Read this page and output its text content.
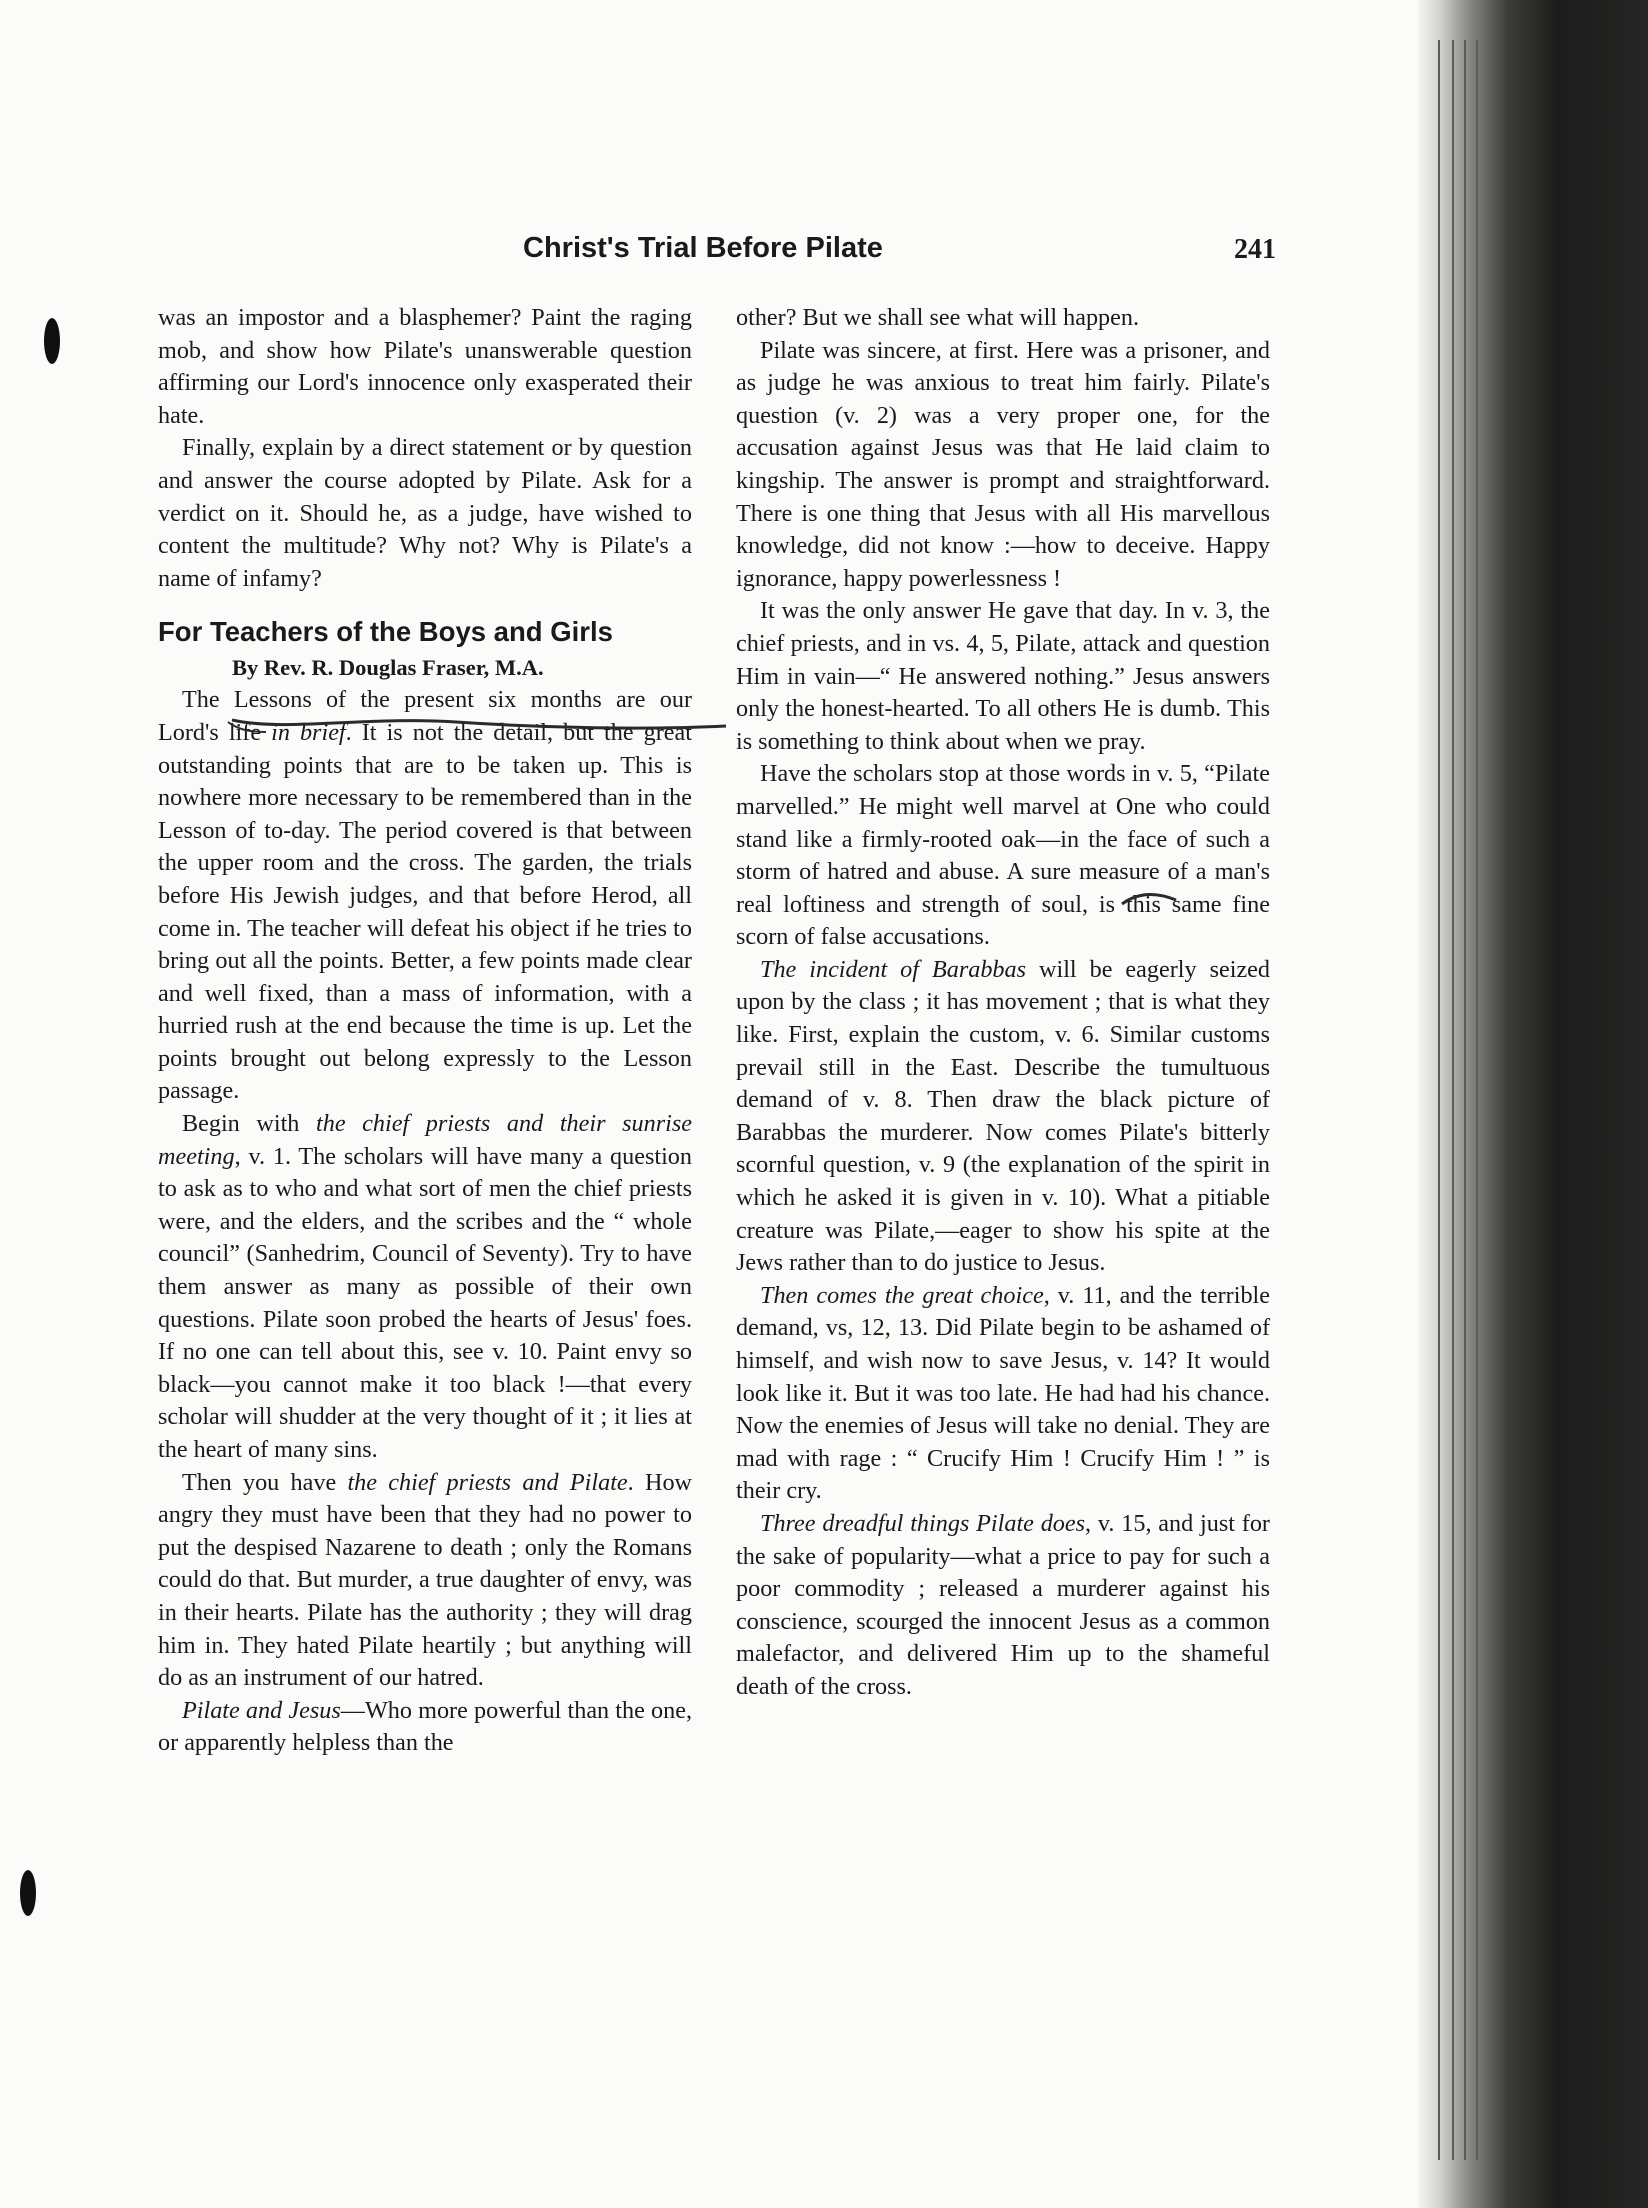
Christ's Trial Before Pilate	241

was an impostor and a blasphemer? Paint the raging mob, and show how Pilate's unanswerable question affirming our Lord's innocence only exasperated their hate.

Finally, explain by a direct statement or by question and answer the course adopted by Pilate. Ask for a verdict on it. Should he, as a judge, have wished to content the multitude? Why not? Why is Pilate's a name of infamy?

For Teachers of the Boys and Girls

By Rev. R. Douglas Fraser, M.A.

The Lessons of the present six months are our Lord's life in brief. It is not the detail, but the great outstanding points that are to be taken up. This is nowhere more necessary to be remembered than in the Lesson of to-day. The period covered is that between the upper room and the cross. The garden, the trials before His Jewish judges, and that before Herod, all come in. The teacher will defeat his object if he tries to bring out all the points. Better, a few points made clear and well fixed, than a mass of information, with a hurried rush at the end because the time is up. Let the points brought out belong expressly to the Lesson passage.

Begin with the chief priests and their sunrise meeting, v. 1. The scholars will have many a question to ask as to who and what sort of men the chief priests were, and the elders, and the scribes and the “ whole council” (Sanhedrim, Council of Seventy). Try to have them answer as many as possible of their own questions. Pilate soon probed the hearts of Jesus' foes. If no one can tell about this, see v. 10. Paint envy so black—you cannot make it too black !—that every scholar will shudder at the very thought of it ; it lies at the heart of many sins.

Then you have the chief priests and Pilate. How angry they must have been that they had no power to put the despised Nazarene to death ; only the Romans could do that. But murder, a true daughter of envy, was in their hearts. Pilate has the authority ; they will drag him in. They hated Pilate heartily ; but anything will do as an instrument of our hatred.

Pilate and Jesus—Who more powerful than the one, or apparently helpless than the

other? But we shall see what will happen.

Pilate was sincere, at first. Here was a prisoner, and as judge he was anxious to treat him fairly. Pilate's question (v. 2) was a very proper one, for the accusation against Jesus was that He laid claim to kingship. The answer is prompt and straightforward. There is one thing that Jesus with all His marvellous knowledge, did not know :—how to deceive. Happy ignorance, happy powerlessness !

It was the only answer He gave that day. In v. 3, the chief priests, and in vs. 4, 5, Pilate, attack and question Him in vain—“ He answered nothing.” Jesus answers only the honest-hearted. To all others He is dumb. This is something to think about when we pray.

Have the scholars stop at those words in v. 5, “Pilate marvelled.” He might well marvel at One who could stand like a firmly-rooted oak—in the face of such a storm of hatred and abuse. A sure measure of a man's real loftiness and strength of soul, is this same fine scorn of false accusations.

The incident of Barabbas will be eagerly seized upon by the class ; it has movement ; that is what they like. First, explain the custom, v. 6. Similar customs prevail still in the East. Describe the tumultuous demand of v. 8. Then draw the black picture of Barabbas the murderer. Now comes Pilate's bitterly scornful question, v. 9 (the explanation of the spirit in which he asked it is given in v. 10). What a pitiable creature was Pilate,—eager to show his spite at the Jews rather than to do justice to Jesus.

Then comes the great choice, v. 11, and the terrible demand, vs, 12, 13. Did Pilate begin to be ashamed of himself, and wish now to save Jesus, v. 14? It would look like it. But it was too late. He had had his chance. Now the enemies of Jesus will take no denial. They are mad with rage : “ Crucify Him ! Crucify Him ! ” is their cry.

Three dreadful things Pilate does, v. 15, and just for the sake of popularity—what a price to pay for such a poor commodity ; released a murderer against his conscience, scourged the innocent Jesus as a common malefactor, and delivered Him up to the shameful death of the cross.
